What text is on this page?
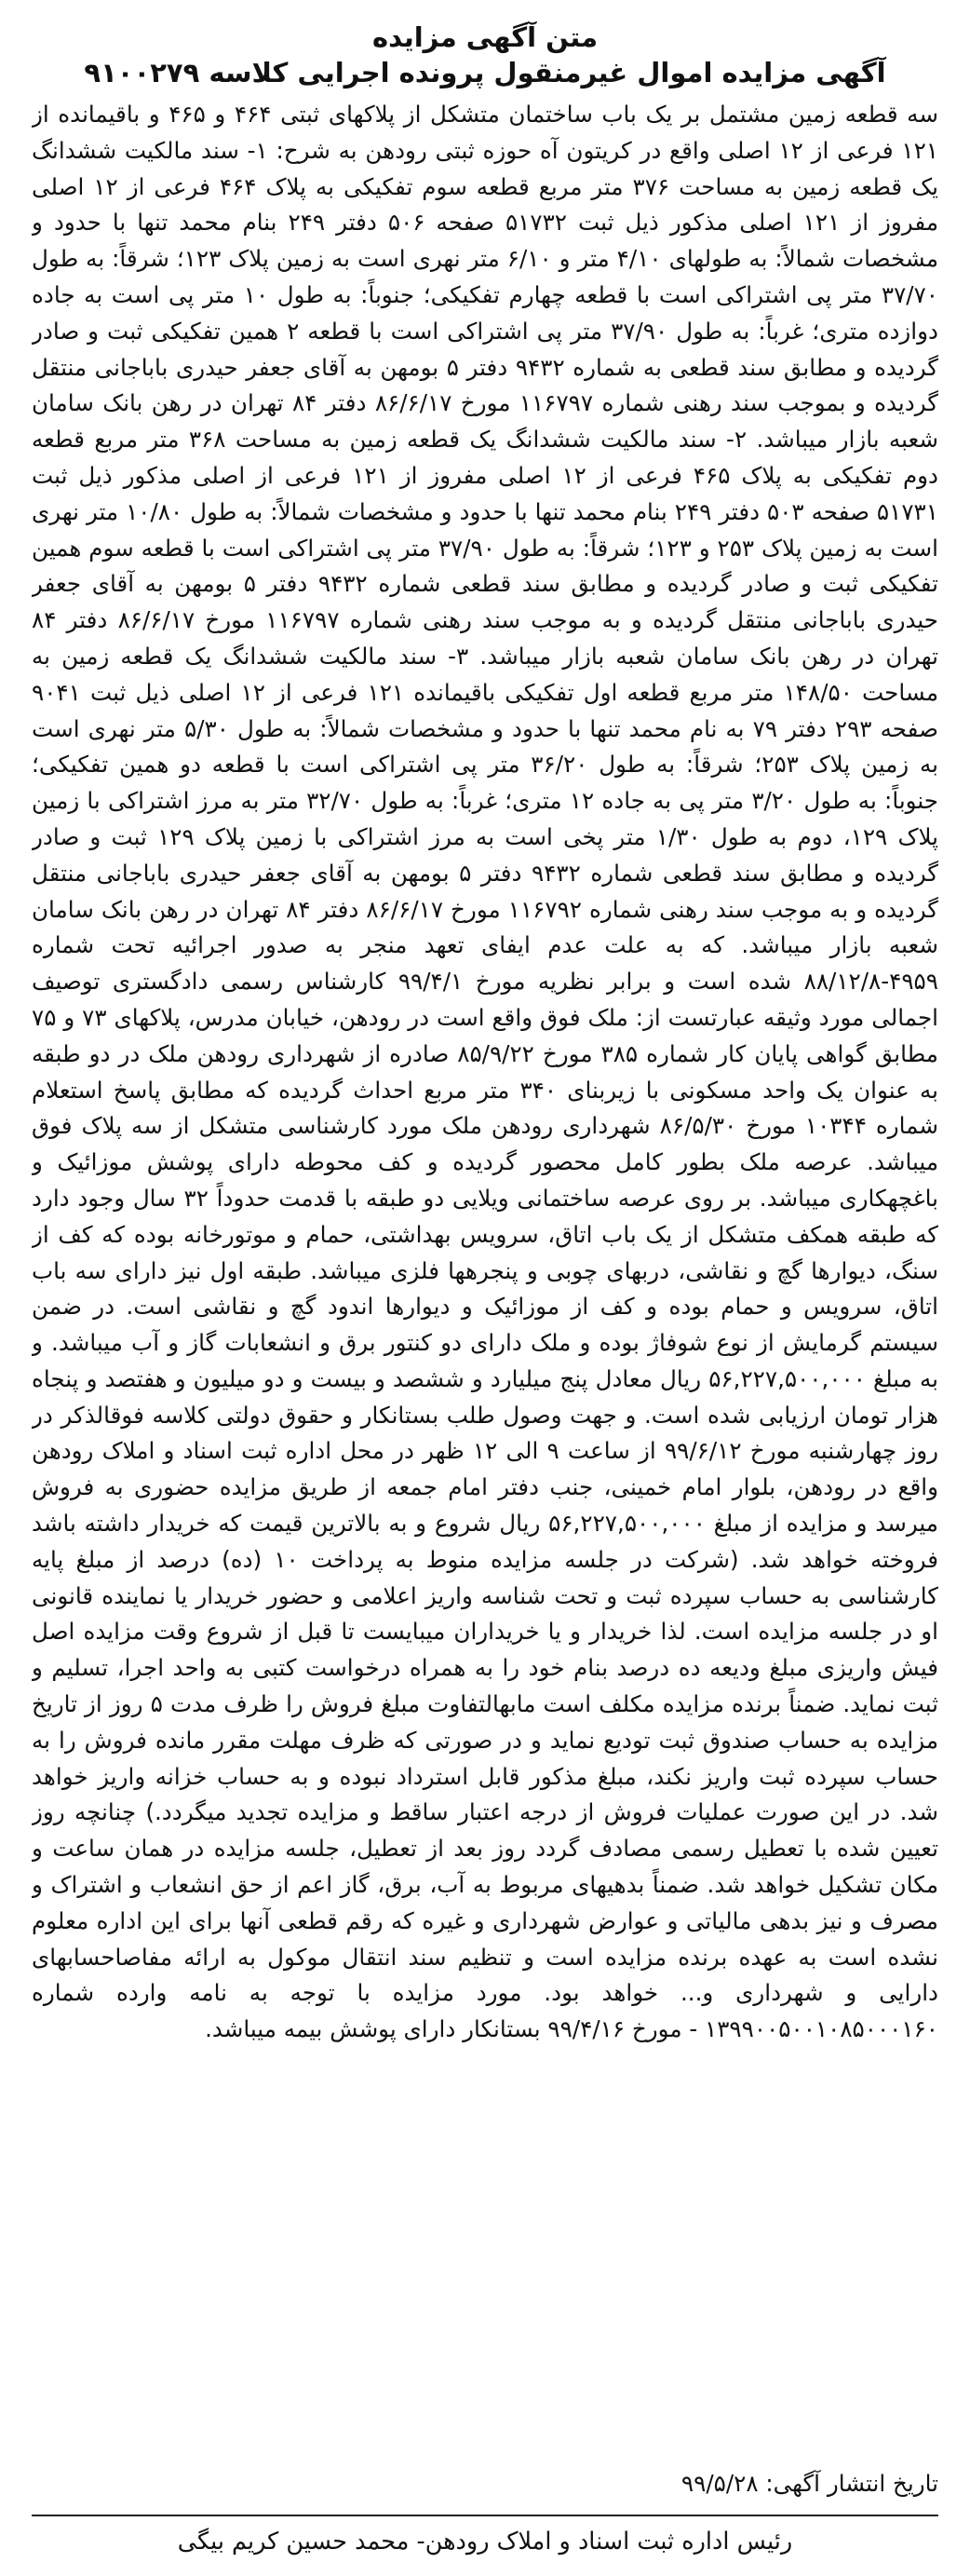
متن آگهی مزایده
آگهی مزایده اموال غیرمنقول پرونده اجرایی کلاسه ۹۱۰۰۲۷۹

سه قطعه زمین مشتمل بر یک باب ساختمان متشکل از پلاکهای ثبتی ۴۶۴ و ۴۶۵ و باقیمانده از ۱۲۱ فرعی از ۱۲ اصلی واقع در کریتون آه حوزه ثبتی رودهن به شرح: ۱- سند مالکیت ششدانگ یک قطعه زمین به مساحت ۳۷۶ متر مربع قطعه سوم تفکیکی به پلاک ۴۶۴ فرعی از ۱۲ اصلی مفروز از ۱۲۱ اصلی مذکور ذیل ثبت ۵۱۷۳۲ صفحه ۵۰۶ دفتر ۲۴۹ بنام محمد تنها با حدود و مشخصات شمالاً: به طولهای ۴/۱۰ متر و ۶/۱۰ متر نهری است به زمین پلاک ۱۲۳؛ شرقاً: به طول ۳۷/۷۰ متر پی اشتراکی است با قطعه چهارم تفکیکی؛ جنوباً: به طول ۱۰ متر پی است به جاده دوازده متری؛ غرباً: به طول ۳۷/۹۰ متر پی اشتراکی است با قطعه ۲ همین تفکیکی ثبت و صادر گردیده و مطابق سند قطعی به شماره ۹۴۳۲ دفتر ۵ بومهن به آقای جعفر حیدری باباجانی منتقل گردیده و بموجب سند رهنی شماره ۱۱۶۷۹۷ مورخ ۸۶/۶/۱۷ دفتر ۸۴ تهران در رهن بانک سامان شعبه بازار میباشد. ۲- سند مالکیت ششدانگ یک قطعه زمین به مساحت ۳۶۸ متر مربع قطعه دوم تفکیکی به پلاک ۴۶۵ فرعی از ۱۲ اصلی مفروز از ۱۲۱ فرعی از اصلی مذکور ذیل ثبت ۵۱۷۳۱ صفحه ۵۰۳ دفتر ۲۴۹ بنام محمد تنها با حدود و مشخصات شمالاً: به طول ۱۰/۸۰ متر نهری است به زمین پلاک ۲۵۳ و ۱۲۳؛ شرقاً: به طول ۳۷/۹۰ متر پی اشتراکی است با قطعه سوم همین تفکیکی ثبت و صادر گردیده و مطابق سند قطعی شماره ۹۴۳۲ دفتر ۵ بومهن به آقای جعفر حیدری باباجانی منتقل گردیده و به موجب سند رهنی شماره ۱۱۶۷۹۷ مورخ ۸۶/۶/۱۷ دفتر ۸۴ تهران در رهن بانک سامان شعبه بازار میباشد. ۳- سند مالکیت ششدانگ یک قطعه زمین به مساحت ۱۴۸/۵۰ متر مربع قطعه اول تفکیکی باقیمانده ۱۲۱ فرعی از ۱۲ اصلی ذیل ثبت ۹۰۴۱ صفحه ۲۹۳ دفتر ۷۹ به نام محمد تنها با حدود و مشخصات شمالاً: به طول ۵/۳۰ متر نهری است به زمین پلاک ۲۵۳؛ شرقاً: به طول ۳۶/۲۰ متر پی اشتراکی است با قطعه دو همین تفکیکی؛ جنوباً: به طول ۳/۲۰ متر پی به جاده ۱۲ متری؛ غرباً: به طول ۳۲/۷۰ متر به مرز اشتراکی با زمین پلاک ۱۲۹، دوم به طول ۱/۳۰ متر پخی است به مرز اشتراکی با زمین پلاک ۱۲۹ ثبت و صادر گردیده و مطابق سند قطعی شماره ۹۴۳۲ دفتر ۵ بومهن به آقای جعفر حیدری باباجانی منتقل گردیده و به موجب سند رهنی شماره ۱۱۶۷۹۲ مورخ ۸۶/۶/۱۷ دفتر ۸۴ تهران در رهن بانک سامان شعبه بازار میباشد. که به علت عدم ایفای تعهد منجر به صدور اجرائیه تحت شماره ۴۹۵۹-۸۸/۱۲/۸ شده است و برابر نظریه مورخ ۹۹/۴/۱ کارشناس رسمی دادگستری توصیف اجمالی مورد وثیقه عبارتست از: ملک فوق واقع است در رودهن، خیابان مدرس، پلاکهای ۷۳ و ۷۵ مطابق گواهی پایان کار شماره ۳۸۵ مورخ ۸۵/۹/۲۲ صادره از شهرداری رودهن ملک در دو طبقه به عنوان یک واحد مسکونی با زیربنای ۳۴۰ متر مربع احداث گردیده که مطابق پاسخ استعلام شماره ۱۰۳۴۴ مورخ ۸۶/۵/۳۰ شهرداری رودهن ملک مورد کارشناسی متشکل از سه پلاک فوق میباشد. عرصه ملک بطور کامل محصور گردیده و کف محوطه دارای پوشش موزائیک و باغچهکاری میباشد. بر روی عرصه ساختمانی ویلایی دو طبقه با قدمت حدوداً ۳۲ سال وجود دارد که طبقه همکف متشکل از یک باب اتاق، سرویس بهداشتی، حمام و موتورخانه بوده که کف از سنگ، دیوارها گچ و نقاشی، دربهای چوبی و پنجرهها فلزی میباشد. طبقه اول نیز دارای سه باب اتاق، سرویس و حمام بوده و کف از موزائیک و دیوارها اندود گچ و نقاشی است. در ضمن سیستم گرمایش از نوع شوفاژ بوده و ملک دارای دو کنتور برق و انشعابات گاز و آب میباشد. و به مبلغ ۵۶,۲۲۷,۵۰۰,۰۰۰ ریال معادل پنج میلیارد و ششصد و بیست و دو میلیون و هفتصد و پنجاه هزار تومان ارزیابی شده است. و جهت وصول طلب بستانکار و حقوق دولتی کلاسه فوقالذکر در روز چهارشنبه مورخ ۹۹/۶/۱۲ از ساعت ۹ الی ۱۲ ظهر در محل اداره ثبت اسناد و املاک رودهن واقع در رودهن، بلوار امام خمینی، جنب دفتر امام جمعه از طریق مزایده حضوری به فروش میرسد و مزایده از مبلغ ۵۶,۲۲۷,۵۰۰,۰۰۰ ریال شروع و به بالاترین قیمت که خریدار داشته باشد فروخته خواهد شد. (شرکت در جلسه مزایده منوط به پرداخت ۱۰ (ده) درصد از مبلغ پایه کارشناسی به حساب سپرده ثبت و تحت شناسه واریز اعلامی و حضور خریدار یا نماینده قانونی او در جلسه مزایده است. لذا خریدار و یا خریداران میبایست تا قبل از شروع وقت مزایده اصل فیش واریزی مبلغ ودیعه ده درصد بنام خود را به همراه درخواست کتبی به واحد اجرا، تسلیم و ثبت نماید. ضمناً برنده مزایده مکلف است مابهالتفاوت مبلغ فروش را ظرف مدت ۵ روز از تاریخ مزایده به حساب صندوق ثبت تودیع نماید و در صورتی که ظرف مهلت مقرر مانده فروش را به حساب سپرده ثبت واریز نکند، مبلغ مذکور قابل استرداد نبوده و به حساب خزانه واریز خواهد شد. در این صورت عملیات فروش از درجه اعتبار ساقط و مزایده تجدید میگردد.) چنانچه روز تعیین شده با تعطیل رسمی مصادف گردد روز بعد از تعطیل، جلسه مزایده در همان ساعت و مکان تشکیل خواهد شد. ضمناً بدهیهای مربوط به آب، برق، گاز اعم از حق انشعاب و اشتراک و مصرف و نیز بدهی مالیاتی و عوارض شهرداری و غیره که رقم قطعی آنها برای این اداره معلوم نشده است به عهده برنده مزایده است و تنظیم سند انتقال موکول به ارائه مفاصاحسابهای دارایی و شهرداری و... خواهد بود. مورد مزایده با توجه به نامه وارده شماره ۱۳۹۹۰۰۵۰۰۱۰۸۵۰۰۰۱۶۰ - مورخ ۹۹/۴/۱۶ بستانکار دارای پوشش بیمه میباشد.

تاریخ انتشار آگهی: ۹۹/۵/۲۸
رئیس اداره ثبت اسناد و املاک رودهن- محمد حسین کریم بیگی
